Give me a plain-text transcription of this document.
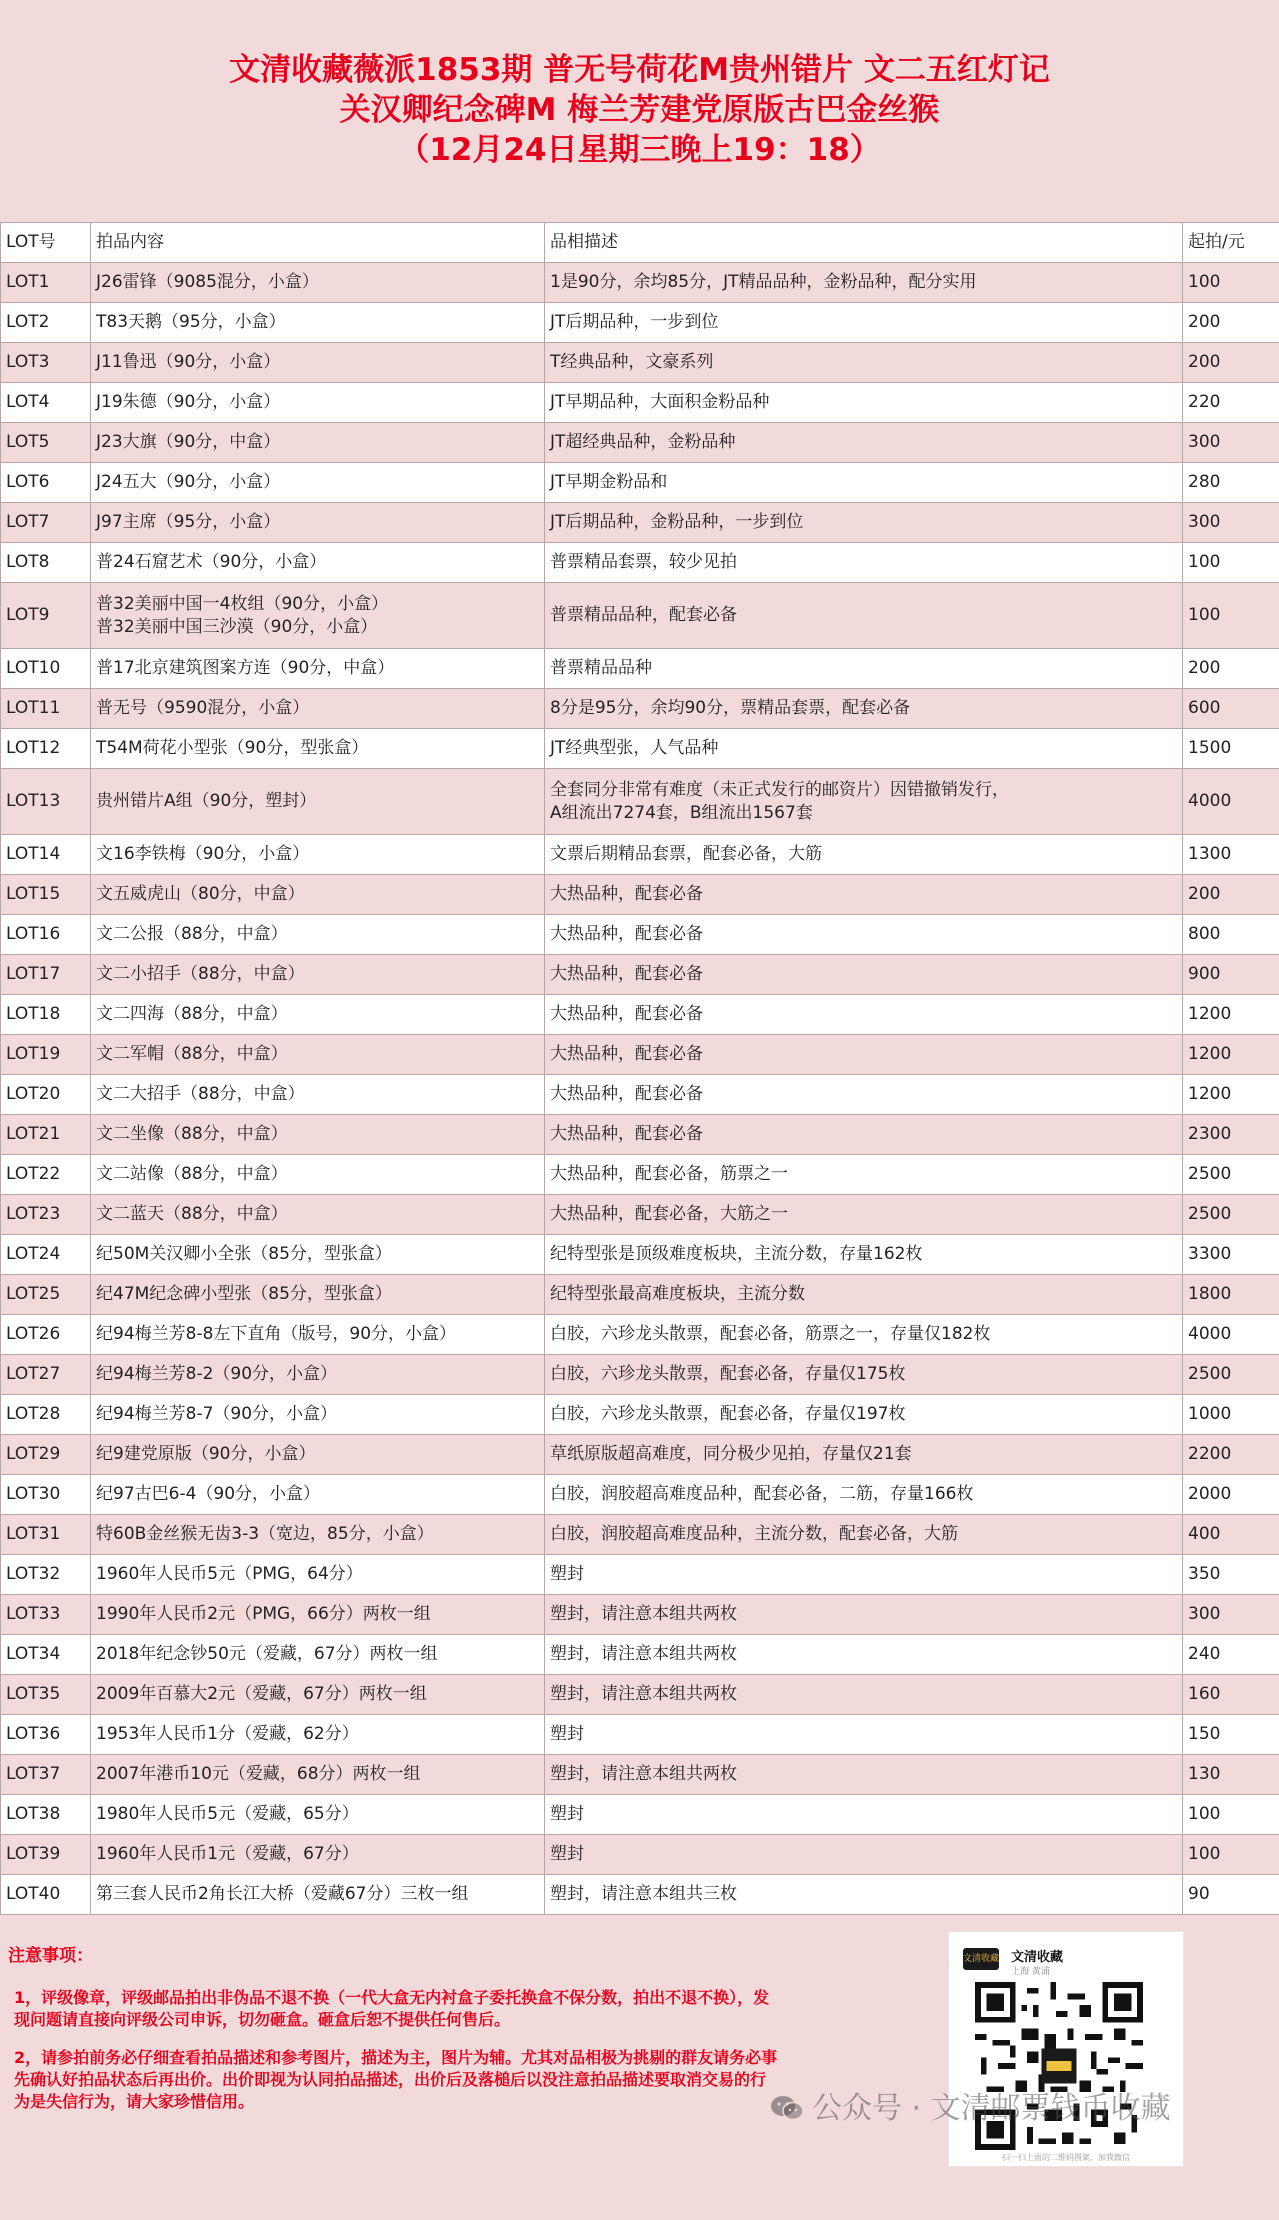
文清收藏薇派1853期 普无号荷花M贵州错片 文二五红灯记

关汉卿纪念碑M 梅兰芳建党原版古巴金丝猴

（12月24日星期三晚上19：18）

LOT号	拍品内容	品相描述	起拍/元
LOT1	J26雷锋（9085混分，小盒）	1是90分，余均85分，JT精品品种，金粉品种，配分实用	100
LOT2	T83天鹅（95分，小盒）	JT后期品种，一步到位	200
LOT3	J11鲁迅（90分，小盒）	T经典品种，文豪系列	200
LOT4	J19朱德（90分，小盒）	JT早期品种，大面积金粉品种	220
LOT5	J23大旗（90分，中盒）	JT超经典品种，金粉品种	300
LOT6	J24五大（90分，小盒）	JT早期金粉品和	280
LOT7	J97主席（95分，小盒）	JT后期品种，金粉品种，一步到位	300
LOT8	普24石窟艺术（90分，小盒）	普票精品套票，较少见拍	100
LOT9	普32美丽中国一4枚组（90分，小盒）
普32美丽中国三沙漠（90分，小盒）	普票精品品种，配套必备	100
LOT10	普17北京建筑图案方连（90分，中盒）	普票精品品种	200
LOT11	普无号（9590混分，小盒）	8分是95分，余均90分，票精品套票，配套必备	600
LOT12	T54M荷花小型张（90分，型张盒）	JT经典型张，人气品种	1500
LOT13	贵州错片A组（90分，塑封）	全套同分非常有难度（未正式发行的邮资片）因错撤销发行，
A组流出7274套，B组流出1567套	4000
LOT14	文16李铁梅（90分，小盒）	文票后期精品套票，配套必备，大筋	1300
LOT15	文五威虎山（80分，中盒）	大热品种，配套必备	200
LOT16	文二公报（88分，中盒）	大热品种，配套必备	800
LOT17	文二小招手（88分，中盒）	大热品种，配套必备	900
LOT18	文二四海（88分，中盒）	大热品种，配套必备	1200
LOT19	文二军帽（88分，中盒）	大热品种，配套必备	1200
LOT20	文二大招手（88分，中盒）	大热品种，配套必备	1200
LOT21	文二坐像（88分，中盒）	大热品种，配套必备	2300
LOT22	文二站像（88分，中盒）	大热品种，配套必备，筋票之一	2500
LOT23	文二蓝天（88分，中盒）	大热品种，配套必备，大筋之一	2500
LOT24	纪50M关汉卿小全张（85分，型张盒）	纪特型张是顶级难度板块，主流分数，存量162枚	3300
LOT25	纪47M纪念碑小型张（85分，型张盒）	纪特型张最高难度板块，主流分数	1800
LOT26	纪94梅兰芳8-8左下直角（版号，90分，小盒）	白胶，六珍龙头散票，配套必备，筋票之一，存量仅182枚	4000
LOT27	纪94梅兰芳8-2（90分，小盒）	白胶，六珍龙头散票，配套必备，存量仅175枚	2500
LOT28	纪94梅兰芳8-7（90分，小盒）	白胶，六珍龙头散票，配套必备，存量仅197枚	1000
LOT29	纪9建党原版（90分，小盒）	草纸原版超高难度，同分极少见拍，存量仅21套	2200
LOT30	纪97古巴6-4（90分，小盒）	白胶，润胶超高难度品种，配套必备，二筋，存量166枚	2000
LOT31	特60B金丝猴无齿3-3（宽边，85分，小盒）	白胶，润胶超高难度品种，主流分数，配套必备，大筋	400
LOT32	1960年人民币5元（PMG，64分）	塑封	350
LOT33	1990年人民币2元（PMG，66分）两枚一组	塑封，请注意本组共两枚	300
LOT34	2018年纪念钞50元（爱藏，67分）两枚一组	塑封，请注意本组共两枚	240
LOT35	2009年百慕大2元（爱藏，67分）两枚一组	塑封，请注意本组共两枚	160
LOT36	1953年人民币1分（爱藏，62分）	塑封	150
LOT37	2007年港币10元（爱藏，68分）两枚一组	塑封，请注意本组共两枚	130
LOT38	1980年人民币5元（爱藏，65分）	塑封	100
LOT39	1960年人民币1元（爱藏，67分）	塑封	100
LOT40	第三套人民币2角长江大桥（爱藏67分）三枚一组	塑封，请注意本组共三枚	90
注意事项：
1，评级像章，评级邮品拍出非伪品不退不换（一代大盒无内衬盒子委托换盒不保分数，拍出不退不换），发现问题请直接向评级公司申诉，切勿砸盒。砸盒后恕不提供任何售后。
2，请参拍前务必仔细查看拍品描述和参考图片，描述为主，图片为辅。尤其对品相极为挑剔的群友请务必事先确认好拍品状态后再出价。出价即视为认同拍品描述，出价后及落槌后以没注意拍品描述要取消交易的行为是失信行为，请大家珍惜信用。
文清收藏 文清收藏
上海 黄浦
扫一扫上面的二维码图案，加我微信
公众号 · 文清邮票钱币收藏
